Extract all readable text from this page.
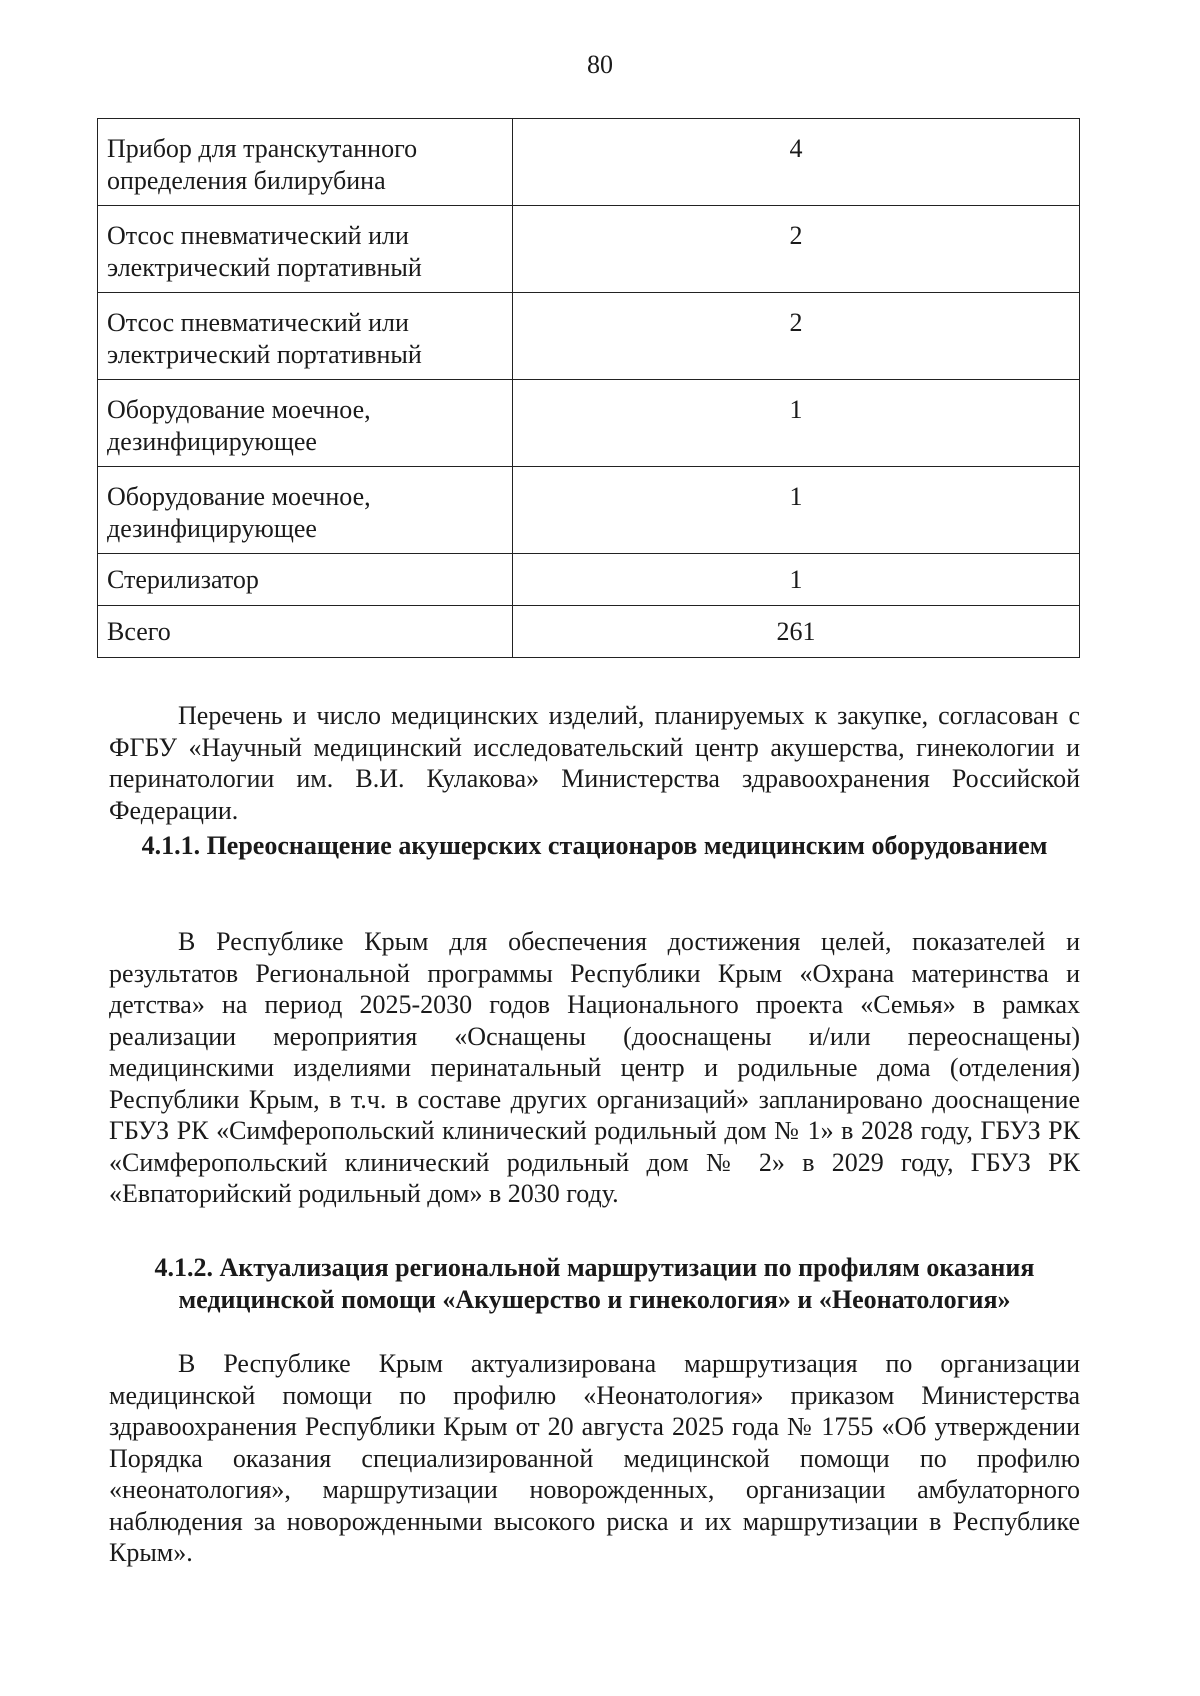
80
Прибор для транскутанного определения билирубина	4
Отсос пневматический или электрический портативный	2
Отсос пневматический или электрический портативный	2
Оборудование моечное, дезинфицирующее	1
Оборудование моечное, дезинфицирующее	1
Стерилизатор	1
Всего	261

Перечень и число медицинских изделий, планируемых к закупке, согласован с ФГБУ «Научный медицинский исследовательский центр акушерства, гинекологии и перинатологии им. В.И. Кулакова» Министерства здравоохранения Российской Федерации.

4.1.1. Переоснащение акушерских стационаров медицинским оборудованием

В Республике Крым для обеспечения достижения целей, показателей и результатов Региональной программы Республики Крым «Охрана материнства и детства» на период 2025-2030 годов Национального проекта «Семья» в рамках реализации мероприятия «Оснащены (дооснащены и/или переоснащены) медицинскими изделиями перинатальный центр и родильные дома (отделения) Республики Крым, в т.ч. в составе других организаций» запланировано дооснащение ГБУЗ РК «Симферопольский клинический родильный дом № 1» в 2028 году, ГБУЗ РК «Симферопольский клинический родильный дом № 2» в 2029 году, ГБУЗ РК «Евпаторийский родильный дом» в 2030 году.

4.1.2. Актуализация региональной маршрутизации по профилям оказания медицинской помощи «Акушерство и гинекология» и «Неонатология»

В Республике Крым актуализирована маршрутизация по организации медицинской помощи по профилю «Неонатология» приказом Министерства здравоохранения Республики Крым от 20 августа 2025 года № 1755 «Об утверждении Порядка оказания специализированной медицинской помощи по профилю «неонатология», маршрутизации новорожденных, организации амбулаторного наблюдения за новорожденными высокого риска и их маршрутизации в Республике Крым».
